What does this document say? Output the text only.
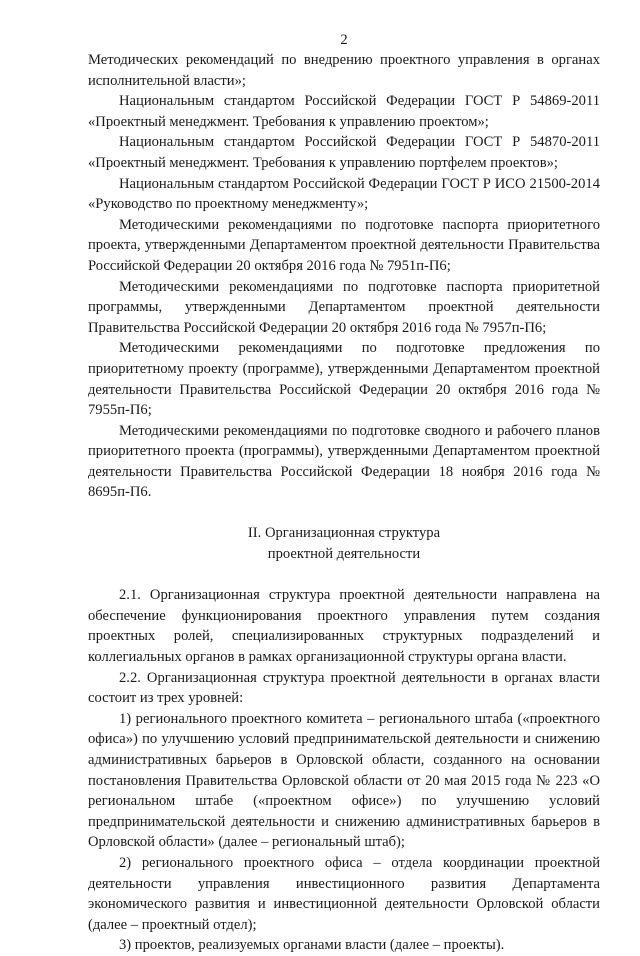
2

Методических рекомендаций по внедрению проектного управления в органах исполнительной власти»;

Национальным стандартом Российской Федерации ГОСТ Р 54869-2011 «Проектный менеджмент. Требования к управлению проектом»;

Национальным стандартом Российской Федерации ГОСТ Р 54870-2011 «Проектный менеджмент. Требования к управлению портфелем проектов»;

Национальным стандартом Российской Федерации ГОСТ Р ИСО 21500-2014 «Руководство по проектному менеджменту»;

Методическими рекомендациями по подготовке паспорта приоритетного проекта, утвержденными Департаментом проектной деятельности Правительства Российской Федерации 20 октября 2016 года № 7951п-П6;

Методическими рекомендациями по подготовке паспорта приоритетной программы, утвержденными Департаментом проектной деятельности Правительства Российской Федерации 20 октября 2016 года № 7957п-П6;

Методическими рекомендациями по подготовке предложения по приоритетному проекту (программе), утвержденными Департаментом проектной деятельности Правительства Российской Федерации 20 октября 2016 года № 7955п-П6;

Методическими рекомендациями по подготовке сводного и рабочего планов приоритетного проекта (программы), утвержденными Департаментом проектной деятельности Правительства Российской Федерации 18 ноября 2016 года № 8695п-П6.

II. Организационная структура
проектной деятельности

2.1. Организационная структура проектной деятельности направлена на обеспечение функционирования проектного управления путем создания проектных ролей, специализированных структурных подразделений и коллегиальных органов в рамках организационной структуры органа власти.

2.2. Организационная структура проектной деятельности в органах власти состоит из трех уровней:

1) регионального проектного комитета – регионального штаба («проектного офиса») по улучшению условий предпринимательской деятельности и снижению административных барьеров в Орловской области, созданного на основании постановления Правительства Орловской области от 20 мая 2015 года № 223 «О региональном штабе («проектном офисе») по улучшению условий предпринимательской деятельности и снижению административных барьеров в Орловской области» (далее – региональный штаб);

2) регионального проектного офиса – отдела координации проектной деятельности управления инвестиционного развития Департамента экономического развития и инвестиционной деятельности Орловской области (далее – проектный отдел);

3) проектов, реализуемых органами власти (далее – проекты).
